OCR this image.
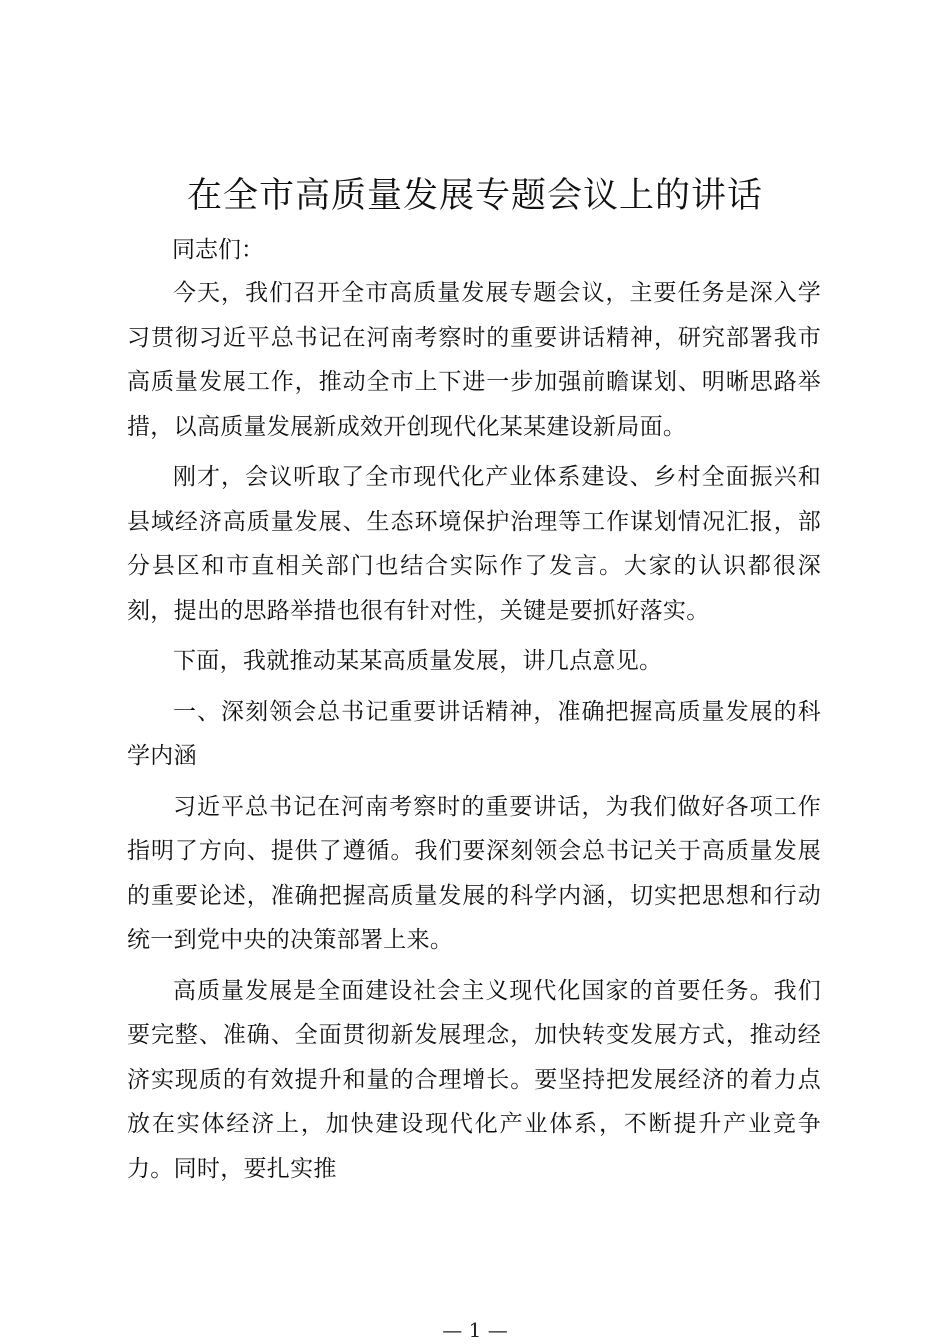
在全市高质量发展专题会议上的讲话

同志们：

今天，我们召开全市高质量发展专题会议，主要任务是深入学习贯彻习近平总书记在河南考察时的重要讲话精神，研究部署我市高质量发展工作，推动全市上下进一步加强前瞻谋划、明晰思路举措，以高质量发展新成效开创现代化某某建设新局面。

刚才，会议听取了全市现代化产业体系建设、乡村全面振兴和县域经济高质量发展、生态环境保护治理等工作谋划情况汇报，部分县区和市直相关部门也结合实际作了发言。大家的认识都很深刻，提出的思路举措也很有针对性，关键是要抓好落实。

下面，我就推动某某高质量发展，讲几点意见。

一、深刻领会总书记重要讲话精神，准确把握高质量发展的科学内涵

习近平总书记在河南考察时的重要讲话，为我们做好各项工作指明了方向、提供了遵循。我们要深刻领会总书记关于高质量发展的重要论述，准确把握高质量发展的科学内涵，切实把思想和行动统一到党中央的决策部署上来。

高质量发展是全面建设社会主义现代化国家的首要任务。我们要完整、准确、全面贯彻新发展理念，加快转变发展方式，推动经济实现质的有效提升和量的合理增长。要坚持把发展经济的着力点放在实体经济上，加快建设现代化产业体系，不断提升产业竞争力。同时，要扎实推

— 1 —
